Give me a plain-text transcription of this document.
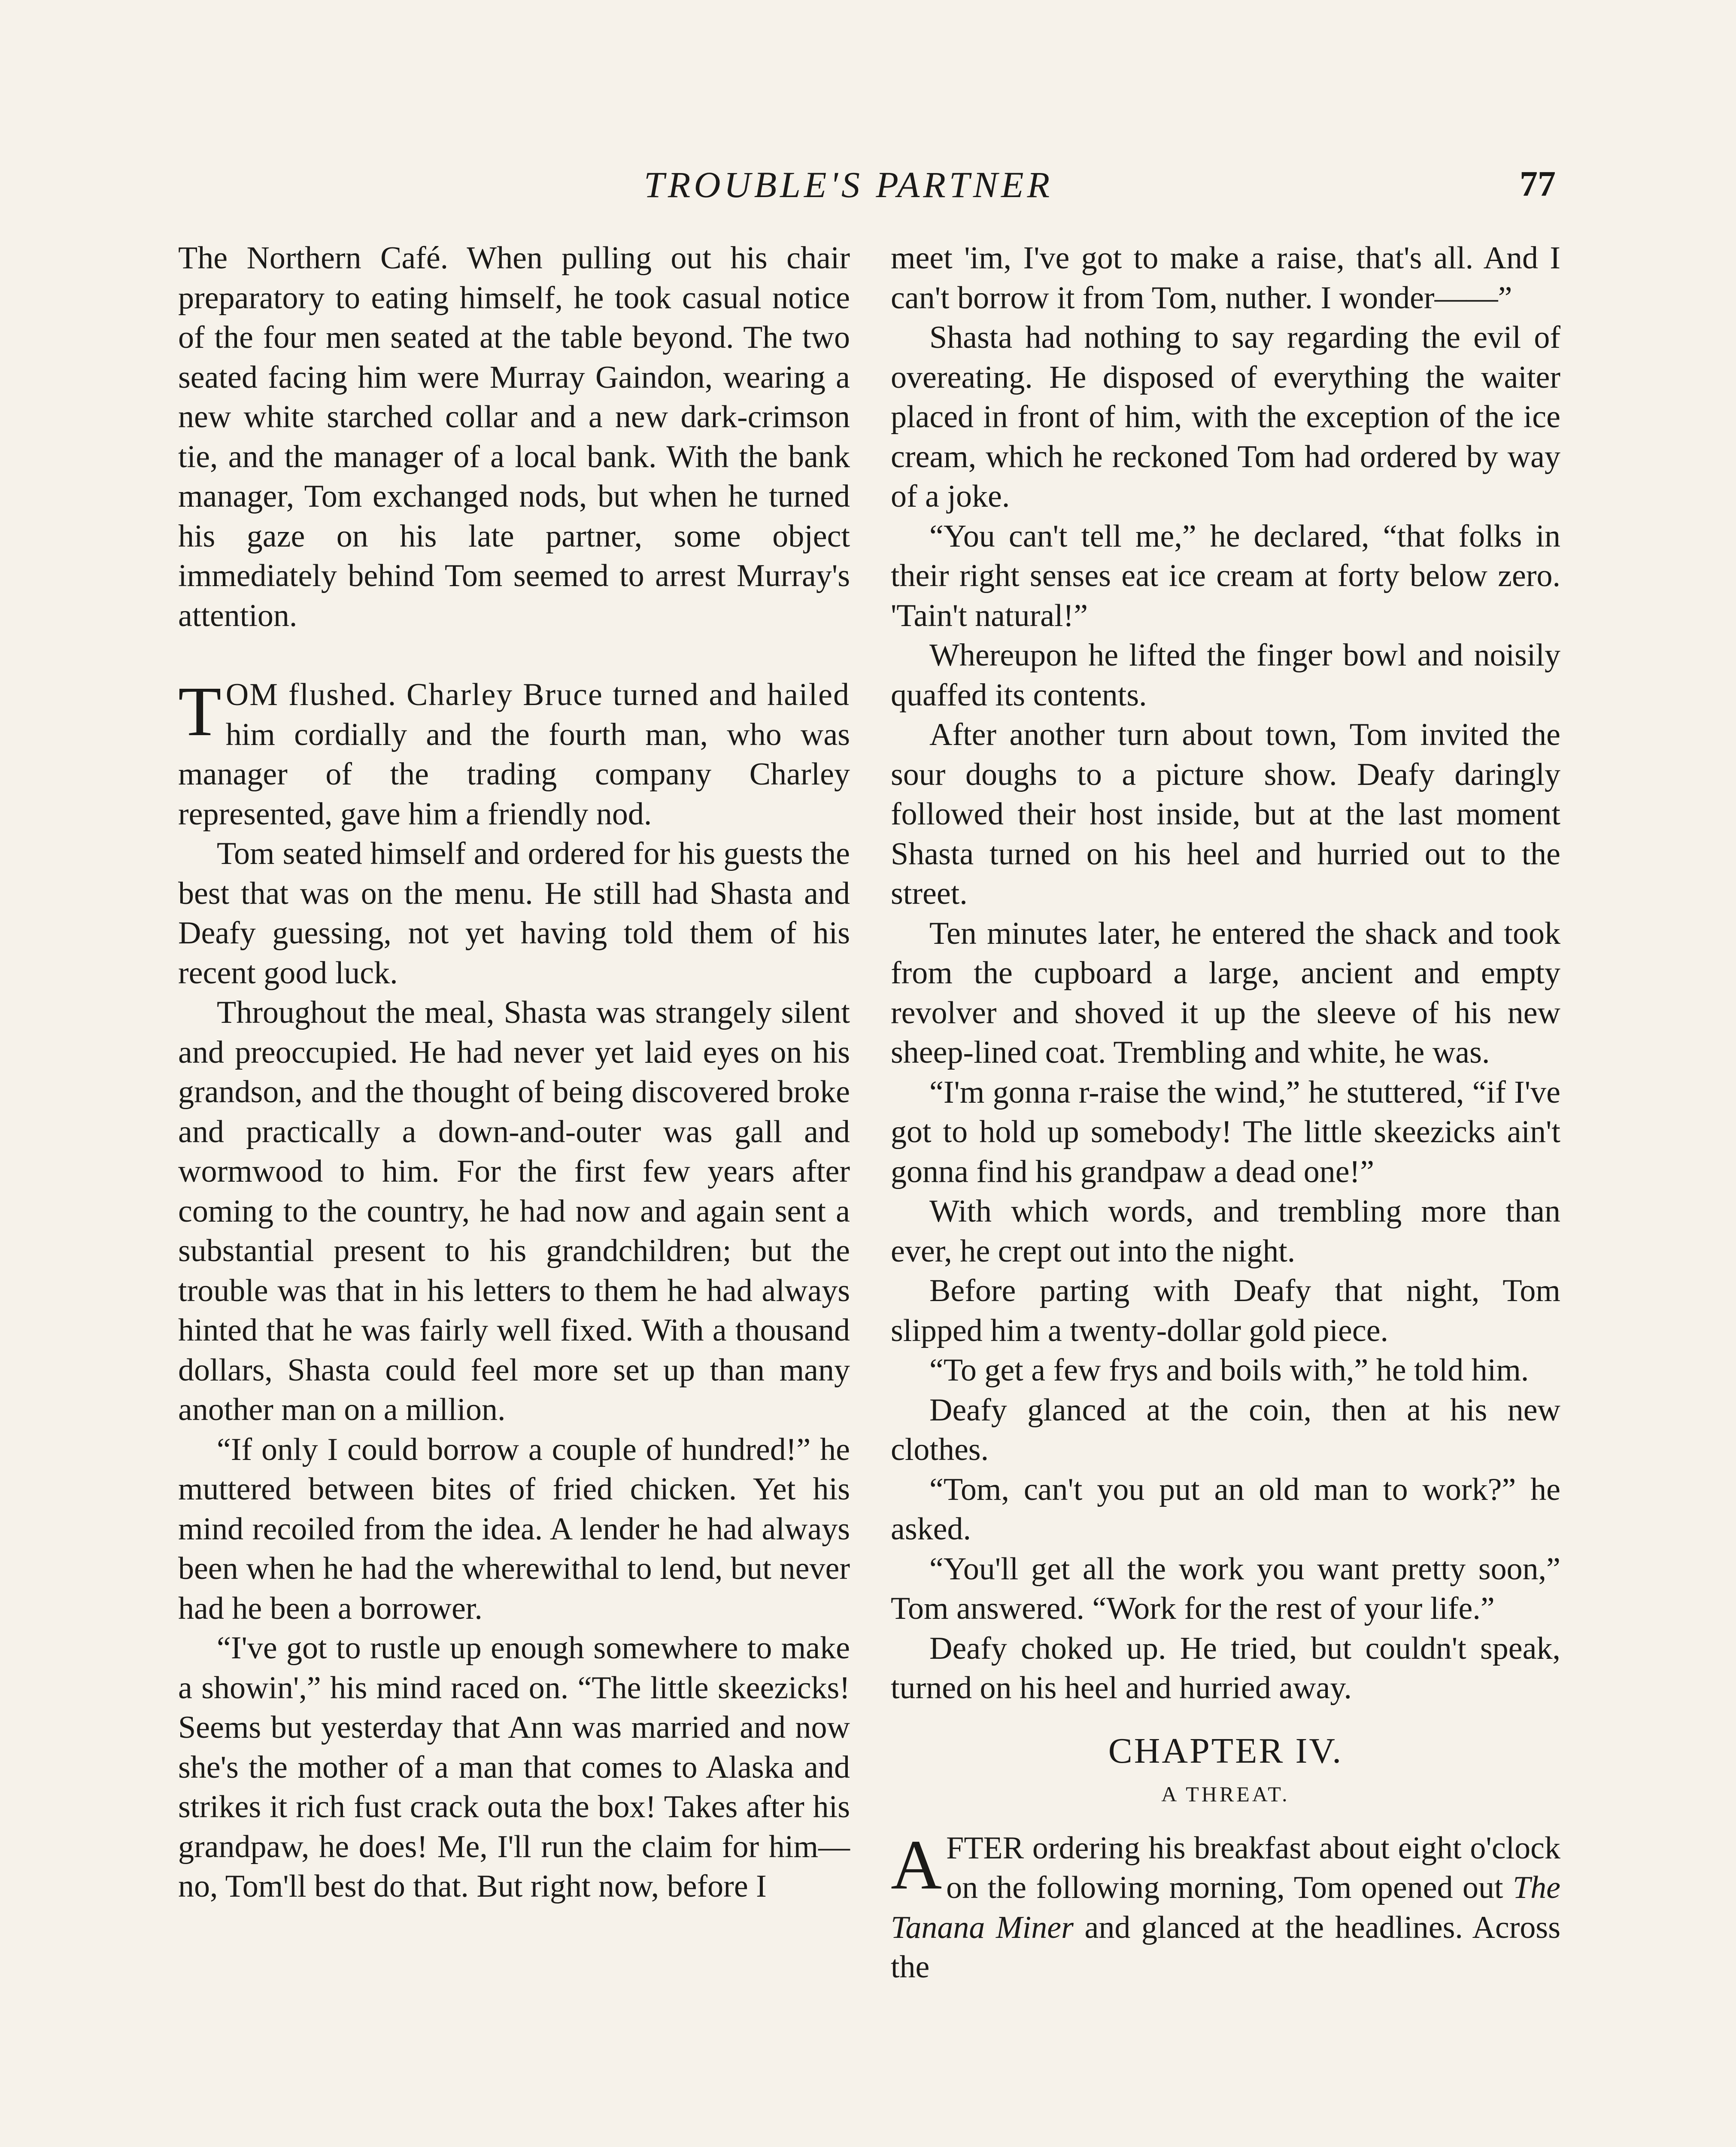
TROUBLE'S PARTNER	77

The Northern Café. When pulling out his chair preparatory to eating himself, he took casual notice of the four men seated at the table beyond. The two seated facing him were Murray Gaindon, wearing a new white starched collar and a new dark-crimson tie, and the manager of a local bank. With the bank manager, Tom exchanged nods, but when he turned his gaze on his late partner, some object immediately behind Tom seemed to arrest Murray's attention.

TOM flushed. Charley Bruce turned and hailed him cordially and the fourth man, who was manager of the trading company Charley represented, gave him a friendly nod.

Tom seated himself and ordered for his guests the best that was on the menu. He still had Shasta and Deafy guessing, not yet having told them of his recent good luck.

Throughout the meal, Shasta was strangely silent and preoccupied. He had never yet laid eyes on his grandson, and the thought of being discovered broke and practically a down-and-outer was gall and wormwood to him. For the first few years after coming to the country, he had now and again sent a substantial present to his grandchildren; but the trouble was that in his letters to them he had always hinted that he was fairly well fixed. With a thousand dollars, Shasta could feel more set up than many another man on a million.

“If only I could borrow a couple of hundred!” he muttered between bites of fried chicken. Yet his mind recoiled from the idea. A lender he had always been when he had the wherewithal to lend, but never had he been a borrower.

“I've got to rustle up enough somewhere to make a showin',” his mind raced on. “The little skeezicks! Seems but yesterday that Ann was married and now she's the mother of a man that comes to Alaska and strikes it rich fust crack outa the box! Takes after his grandpaw, he does! Me, I'll run the claim for him—no, Tom'll best do that. But right now, before I

meet 'im, I've got to make a raise, that's all. And I can't borrow it from Tom, nuther. I wonder——”

Shasta had nothing to say regarding the evil of overeating. He disposed of everything the waiter placed in front of him, with the exception of the ice cream, which he reckoned Tom had ordered by way of a joke.

“You can't tell me,” he declared, “that folks in their right senses eat ice cream at forty below zero. 'Tain't natural!”

Whereupon he lifted the finger bowl and noisily quaffed its contents.

After another turn about town, Tom invited the sour doughs to a picture show. Deafy daringly followed their host inside, but at the last moment Shasta turned on his heel and hurried out to the street.

Ten minutes later, he entered the shack and took from the cupboard a large, ancient and empty revolver and shoved it up the sleeve of his new sheep-lined coat. Trembling and white, he was.

“I'm gonna r-raise the wind,” he stuttered, “if I've got to hold up somebody! The little skeezicks ain't gonna find his grandpaw a dead one!”

With which words, and trembling more than ever, he crept out into the night.

Before parting with Deafy that night, Tom slipped him a twenty-dollar gold piece.

“To get a few frys and boils with,” he told him.

Deafy glanced at the coin, then at his new clothes.

“Tom, can't you put an old man to work?” he asked.

“You'll get all the work you want pretty soon,” Tom answered. “Work for the rest of your life.”

Deafy choked up. He tried, but couldn't speak, turned on his heel and hurried away.

CHAPTER IV.
A THREAT.

AFTER ordering his breakfast about eight o'clock on the following morning, Tom opened out The Tanana Miner and glanced at the headlines. Across the
